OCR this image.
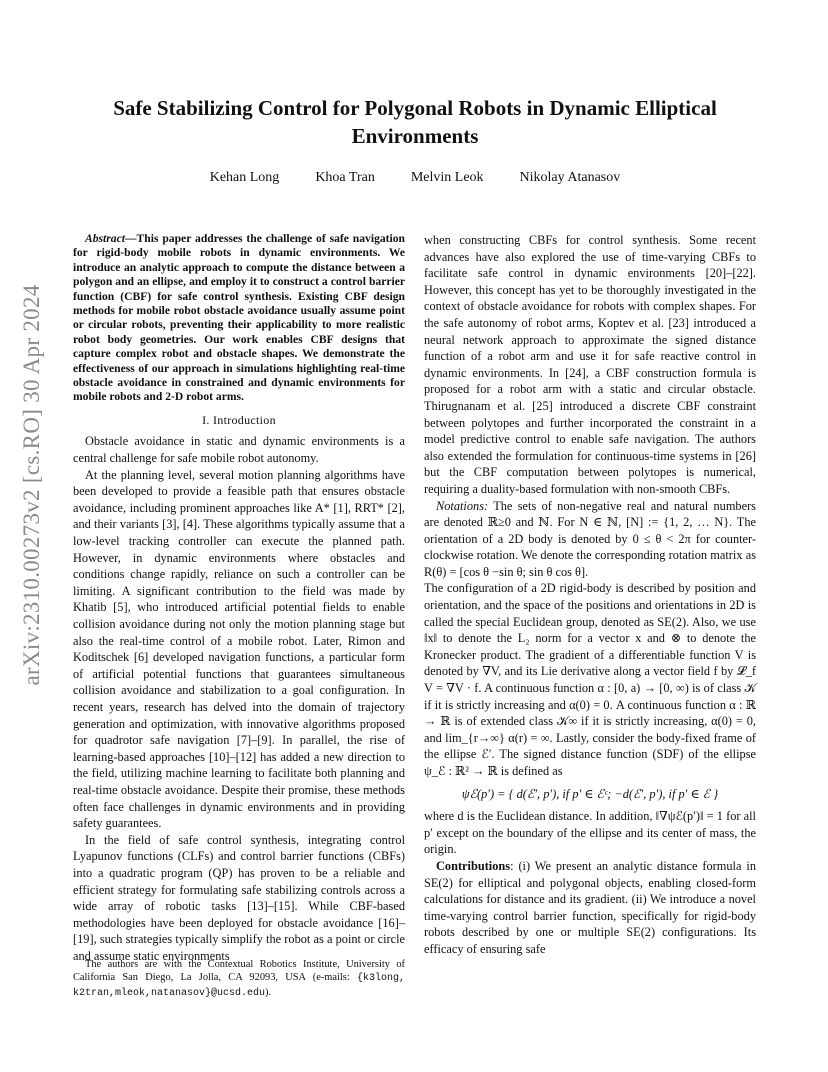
arXiv:2310.00273v2 [cs.RO] 30 Apr 2024
Safe Stabilizing Control for Polygonal Robots in Dynamic Elliptical Environments
Kehan Long	Khoa Tran	Melvin Leok	Nikolay Atanasov

Abstract—This paper addresses the challenge of safe navigation for rigid-body mobile robots in dynamic environments. We introduce an analytic approach to compute the distance between a polygon and an ellipse, and employ it to construct a control barrier function (CBF) for safe control synthesis. Existing CBF design methods for mobile robot obstacle avoidance usually assume point or circular robots, preventing their applicability to more realistic robot body geometries. Our work enables CBF designs that capture complex robot and obstacle shapes. We demonstrate the effectiveness of our approach in simulations highlighting real-time obstacle avoidance in constrained and dynamic environments for mobile robots and 2-D robot arms.

I. Introduction

Obstacle avoidance in static and dynamic environments is a central challenge for safe mobile robot autonomy.

At the planning level, several motion planning algorithms have been developed to provide a feasible path that ensures obstacle avoidance, including prominent approaches like A* [1], RRT* [2], and their variants [3], [4]. These algorithms typically assume that a low-level tracking controller can execute the planned path. However, in dynamic environments where obstacles and conditions change rapidly, reliance on such a controller can be limiting. A significant contribution to the field was made by Khatib [5], who introduced artificial potential fields to enable collision avoidance during not only the motion planning stage but also the real-time control of a mobile robot. Later, Rimon and Koditschek [6] developed navigation functions, a particular form of artificial potential functions that guarantees simultaneous collision avoidance and stabilization to a goal configuration. In recent years, research has delved into the domain of trajectory generation and optimization, with innovative algorithms proposed for quadrotor safe navigation [7]–[9]. In parallel, the rise of learning-based approaches [10]–[12] has added a new direction to the field, utilizing machine learning to facilitate both planning and real-time obstacle avoidance. Despite their promise, these methods often face challenges in dynamic environments and in providing safety guarantees.

In the field of safe control synthesis, integrating control Lyapunov functions (CLFs) and control barrier functions (CBFs) into a quadratic program (QP) has proven to be a reliable and efficient strategy for formulating safe stabilizing controls across a wide array of robotic tasks [13]–[15]. While CBF-based methodologies have been deployed for obstacle avoidance [16]–[19], such strategies typically simplify the robot as a point or circle and assume static environments

The authors are with the Contextual Robotics Institute, University of California San Diego, La Jolla, CA 92093, USA (e-mails: {k3long, k2tran,mleok,natanasov}@ucsd.edu).

when constructing CBFs for control synthesis. Some recent advances have also explored the use of time-varying CBFs to facilitate safe control in dynamic environments [20]–[22]. However, this concept has yet to be thoroughly investigated in the context of obstacle avoidance for robots with complex shapes. For the safe autonomy of robot arms, Koptev et al. [23] introduced a neural network approach to approximate the signed distance function of a robot arm and use it for safe reactive control in dynamic environments. In [24], a CBF construction formula is proposed for a robot arm with a static and circular obstacle. Thirugnanam et al. [25] introduced a discrete CBF constraint between polytopes and further incorporated the constraint in a model predictive control to enable safe navigation. The authors also extended the formulation for continuous-time systems in [26] but the CBF computation between polytopes is numerical, requiring a duality-based formulation with non-smooth CBFs.

Notations: The sets of non-negative real and natural numbers are denoted ℝ≥0 and ℕ. For N ∈ ℕ, [N] := {1, 2, … N}. The orientation of a 2D body is denoted by 0 ≤ θ < 2π for counter-clockwise rotation. We denote the corresponding rotation matrix as R(θ) = [cos θ −sin θ; sin θ cos θ].

The configuration of a 2D rigid-body is described by position and orientation, and the space of the positions and orientations in 2D is called the special Euclidean group, denoted as SE(2). Also, we use ‖x‖ to denote the L₂ norm for a vector x and ⊗ to denote the Kronecker product. The gradient of a differentiable function V is denoted by ∇V, and its Lie derivative along a vector field f by 𝓛_f V = ∇V · f. A continuous function α : [0, a) → [0, ∞) is of class 𝒦 if it is strictly increasing and α(0) = 0. A continuous function α : ℝ → ℝ is of extended class 𝒦∞ if it is strictly increasing, α(0) = 0, and lim_{r→∞} α(r) = ∞. Lastly, consider the body-fixed frame of the ellipse ℰ′. The signed distance function (SDF) of the ellipse ψ_ℰ : ℝ² → ℝ is defined as

ψℰ(p′) = { d(ℰ′, p′), if p′ ∈ ℰᶜ; −d(ℰ′, p′), if p′ ∈ ℰ }

where d is the Euclidean distance. In addition, ‖∇ψℰ(p′)‖ = 1 for all p′ except on the boundary of the ellipse and its center of mass, the origin.

Contributions: (i) We present an analytic distance formula in SE(2) for elliptical and polygonal objects, enabling closed-form calculations for distance and its gradient. (ii) We introduce a novel time-varying control barrier function, specifically for rigid-body robots described by one or multiple SE(2) configurations. Its efficacy of ensuring safe
